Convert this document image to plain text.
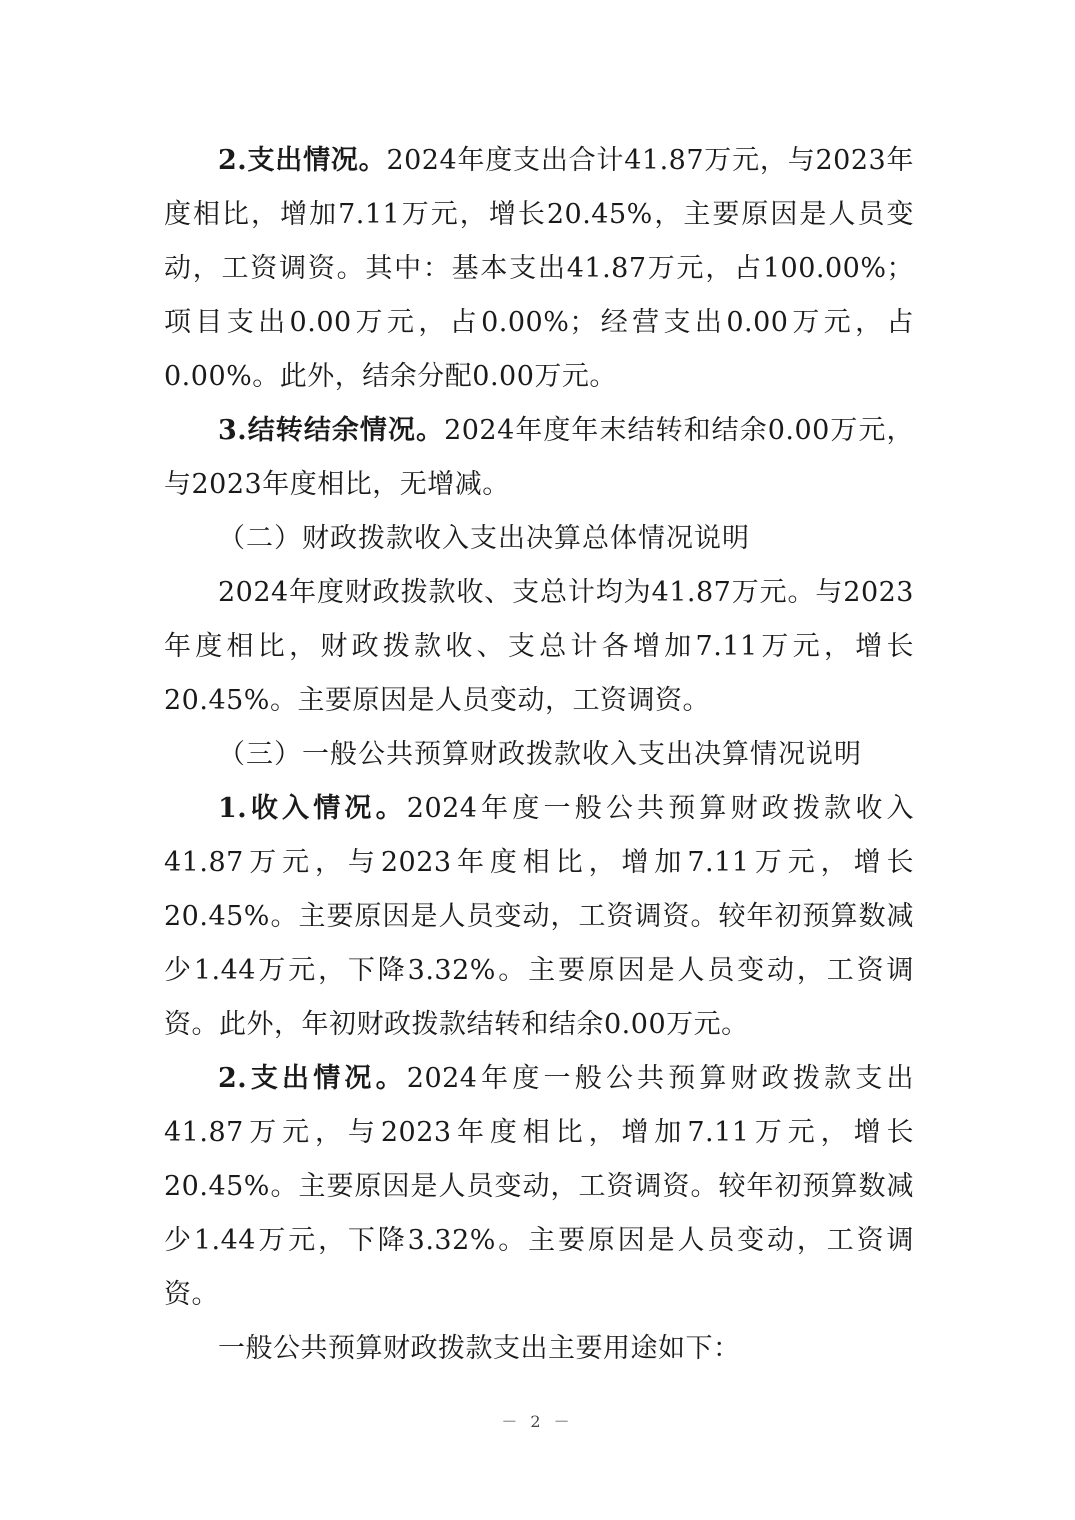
2.支出情况。2024年度支出合计41.87万元，与2023年度相比，增加7.11万元，增长20.45%，主要原因是人员变动，工资调资。其中：基本支出41.87万元，占100.00%；项目支出0.00万元，占0.00%；经营支出0.00万元，占0.00%。此外，结余分配0.00万元。

3.结转结余情况。2024年度年末结转和结余0.00万元，与2023年度相比，无增减。

（二）财政拨款收入支出决算总体情况说明

2024年度财政拨款收、支总计均为41.87万元。与2023年度相比，财政拨款收、支总计各增加7.11万元，增长20.45%。主要原因是人员变动，工资调资。

（三）一般公共预算财政拨款收入支出决算情况说明

1.收入情况。2024年度一般公共预算财政拨款收入41.87万元，与2023年度相比，增加7.11万元，增长20.45%。主要原因是人员变动，工资调资。较年初预算数减少1.44万元，下降3.32%。主要原因是人员变动，工资调资。此外，年初财政拨款结转和结余0.00万元。

2.支出情况。2024年度一般公共预算财政拨款支出41.87万元，与2023年度相比，增加7.11万元，增长20.45%。主要原因是人员变动，工资调资。较年初预算数减少1.44万元，下降3.32%。主要原因是人员变动，工资调资。

一般公共预算财政拨款支出主要用途如下：

－ 2 －
